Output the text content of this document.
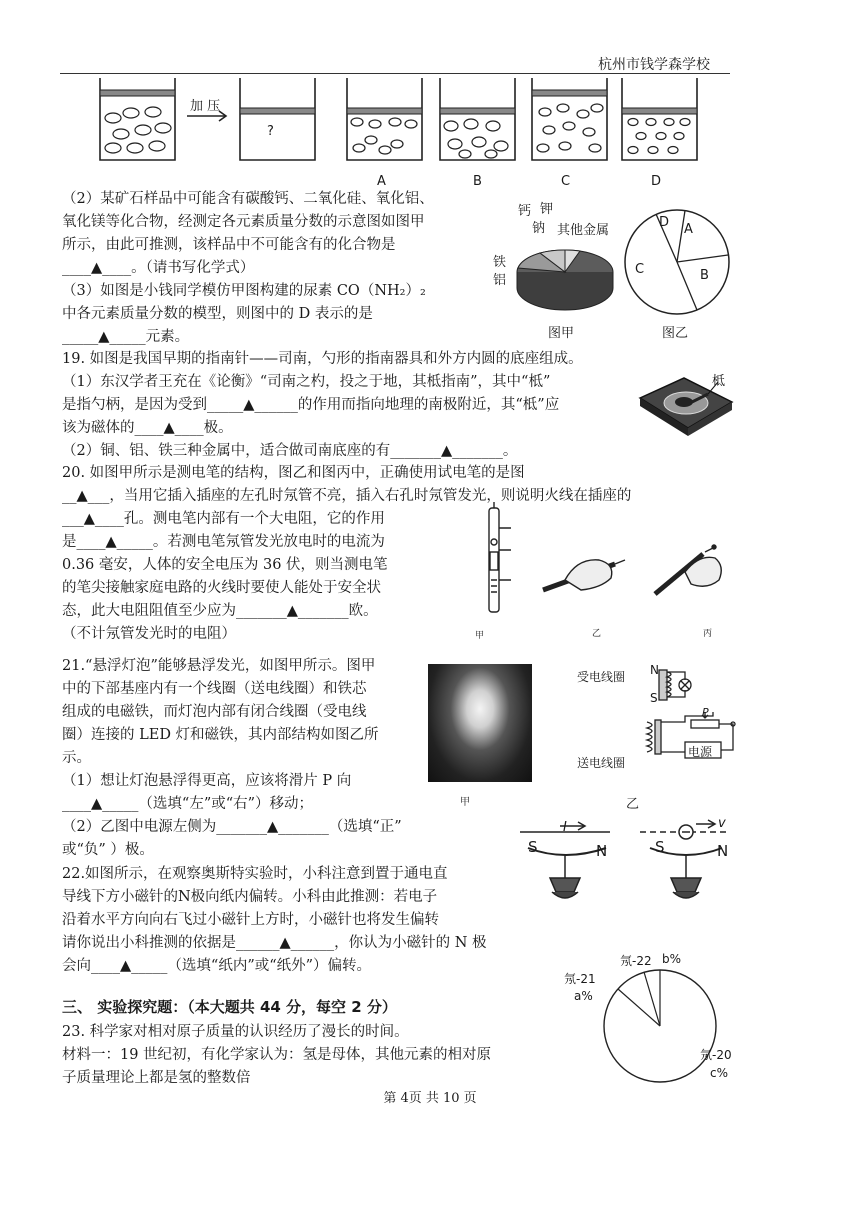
杭州市钱学森学校
加 压
?
A	B	C	D
（2）某矿石样品中可能含有碳酸钙、二氧化硅、氧化铝、
氧化镁等化合物，经测定各元素质量分数的示意图如图甲
所示，由此可推测，该样品中不可能含有的化合物是
____▲____。（请书写化学式）
（3）如图是小钱同学模仿甲图构建的尿素 CO（NH₂）₂
中各元素质量分数的模型，则图中的 D 表示的是
_____▲_____元素。
钙 钾
钠 其他金属
铁
铝
图甲
D A
B
C
图乙
19. 如图是我国早期的指南针——司南，勺形的指南器具和外方内圆的底座组成。
（1）东汉学者王充在《论衡》“司南之杓，投之于地，其柢指南”，其中“柢”
是指勺柄，是因为受到_____▲______的作用而指向地理的南极附近，其“柢”应
该为磁体的____▲____极。
（2）铜、铝、铁三种金属中，适合做司南底座的有_______▲_______。
柢
20. 如图甲所示是测电笔的结构，图乙和图丙中，正确使用试电笔的是图
__▲___，当用它插入插座的左孔时氖管不亮，插入右孔时氖管发光，则说明火线在插座的
___▲____孔。测电笔内部有一个大电阻，它的作用
是____▲_____。若测电笔氖管发光放电时的电流为
0.36 毫安，人体的安全电压为 36 伏，则当测电笔
的笔尖接触家庭电路的火线时要使人能处于安全状
态，此大电阻阻值至少应为_______▲_______欧。
（不计氖管发光时的电阻）	甲	乙	丙
21.“悬浮灯泡”能够悬浮发光，如图甲所示。图甲
中的下部基座内有一个线圈（送电线圈）和铁芯
组成的电磁铁，而灯泡内部有闭合线圈（受电线
圈）连接的 LED 灯和磁铁，其内部结构如图乙所
示。
（1）想让灯泡悬浮得更高，应该将滑片 P 向
____▲_____（选填“左”或“右”）移动；
（2）乙图中电源左侧为_______▲_______（选填“正”
或“负” ）极。
甲
受电线圈 N
S
P
电源
送电线圈
乙
22.如图所示，在观察奥斯特实验时，小科注意到置于通电直
导线下方小磁针的N极向纸内偏转。小科由此推测：若电子
沿着水平方向向右飞过小磁针上方时，小磁针也将发生偏转
请你说出小科推测的依据是______▲______，你认为小磁针的 N 极
会向____▲_____（选填“纸内”或“纸外”）偏转。
I
S	N
v
S	N
三、 实验探究题：（本大题共 44 分，每空 2 分）
23. 科学家对相对原子质量的认识经历了漫长的时间。
材料一：19 世纪初，有化学家认为：氢是母体，其他元素的相对原
子质量理论上都是氢的整数倍
氖-22 b%
氖-21
a%
氖-20
c%
第 4页 共 10 页
